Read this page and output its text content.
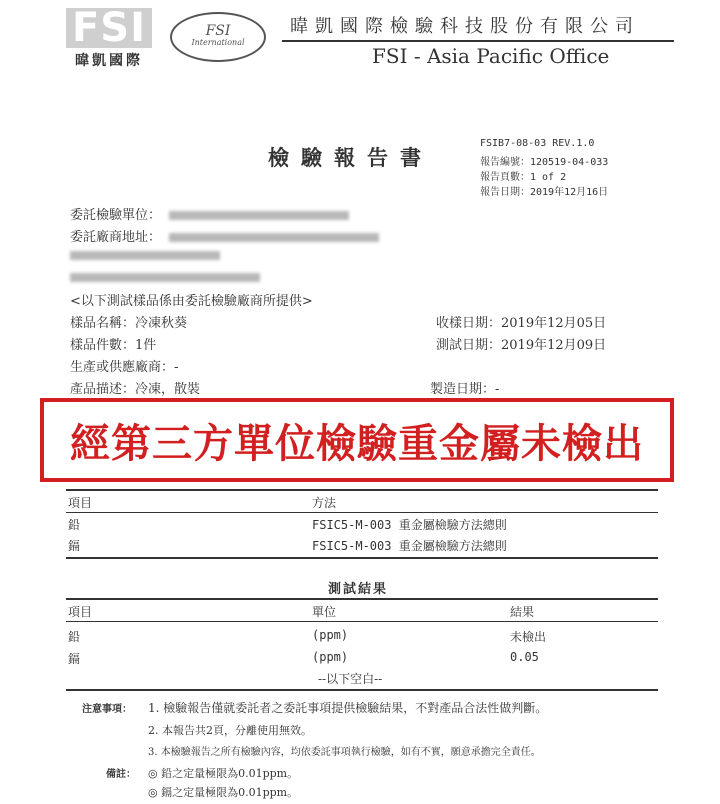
FSI
暐凱國際
FSI
International
暐凱國際檢驗科技股份有限公司
FSI - Asia Pacific Office
檢驗報告書
FSIB7-08-03 REV.1.0
報告編號：120519-04-033
報告頁數：1 of 2
報告日期：2019年12月16日
委託檢驗單位：
委託廠商地址：
<以下測試樣品係由委託檢驗廠商所提供>
樣品名稱：冷凍秋葵
樣品件數：1件
生產或供應廠商：-
產品描述：冷凍，散裝
收樣日期：2019年12月05日
測試日期：2019年12月09日
製造日期：-
經第三方單位檢驗重金屬未檢出
項目	方法
鉛	FSIC5-M-003 重金屬檢驗方法總則
鎘	FSIC5-M-003 重金屬檢驗方法總則
測試結果
項目	單位	結果
鉛	(ppm)	未檢出
鎘	(ppm)	0.05
--以下空白--
注意事項： 1. 檢驗報告僅就委託者之委託事項提供檢驗結果，不對產品合法性做判斷。
2. 本報告共2頁，分離使用無效。
3. 本檢驗報告之所有檢驗內容，均依委託事項執行檢驗，如有不實，願意承擔完全責任。
備註： ◎ 鉛之定量極限為0.01ppm。
◎ 鎘之定量極限為0.01ppm。
